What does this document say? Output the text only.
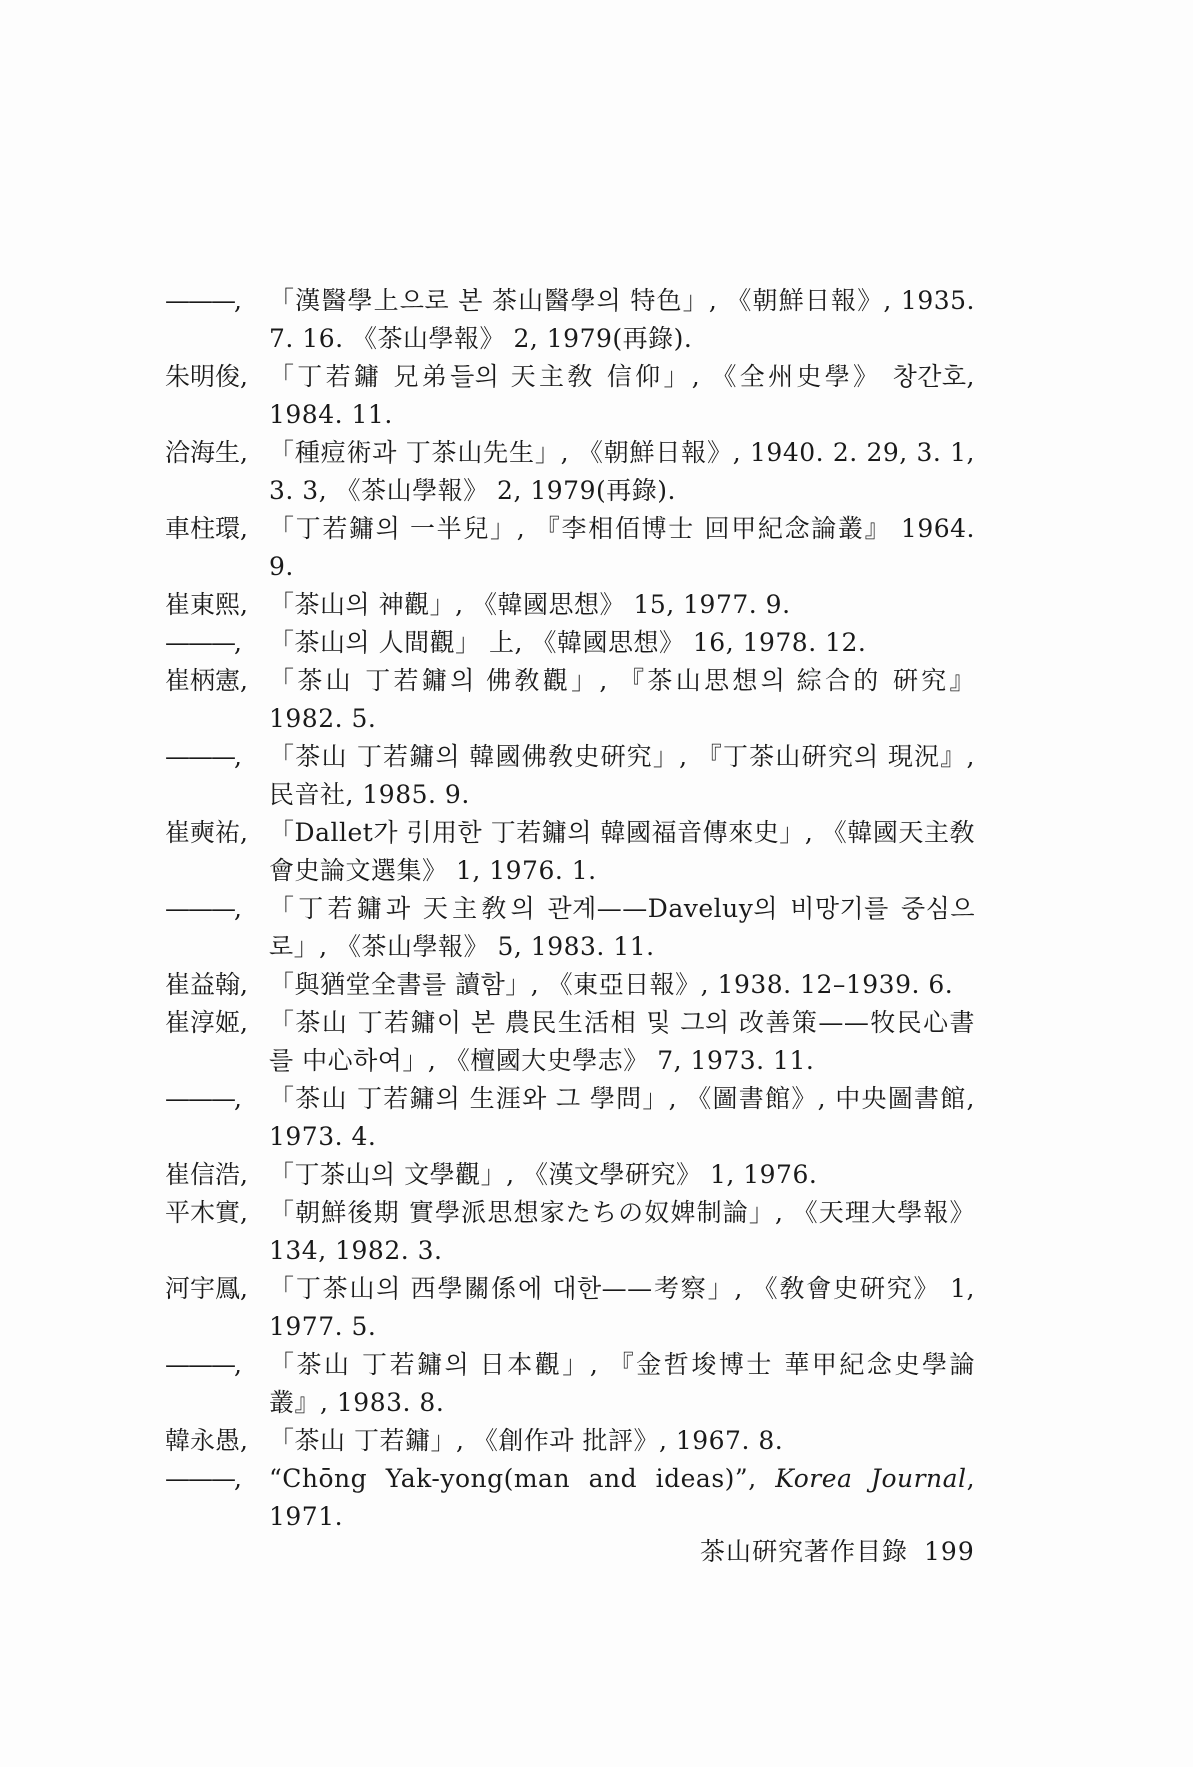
———,	「漢醫學上으로 본 茶山醫學의 特色」, 《朝鮮日報》, 1935. 7. 16. 《茶山學報》 2, 1979(再錄).
朱明俊, 「丁若鏞 兄弟들의 天主敎 信仰」, 《全州史學》 창간호, 1984. 11.
洽海生, 「種痘術과 丁茶山先生」, 《朝鮮日報》, 1940. 2. 29, 3. 1, 3. 3, 《茶山學報》 2, 1979(再錄).
車柱環, 「丁若鏞의 一半兒」, 『李相佰博士 回甲紀念論叢』 1964. 9.
崔東熙, 「茶山의 神觀」, 《韓國思想》 15, 1977. 9.
———,	「茶山의 人間觀」 上, 《韓國思想》 16, 1978. 12.
崔柄憲, 「茶山 丁若鏞의 佛敎觀」, 『茶山思想의 綜合的 硏究』 1982. 5.
———,	「茶山 丁若鏞의 韓國佛敎史硏究」, 『丁茶山硏究의 現況』, 民音社, 1985. 9.
崔奭祐, 「Dallet가 引用한 丁若鏞의 韓國福音傳來史」, 《韓國天主敎會史論文選集》 1, 1976. 1.
———,	「丁若鏞과 天主敎의 관계——Daveluy의 비망기를 중심으로」, 《茶山學報》 5, 1983. 11.
崔益翰, 「與猶堂全書를 讀함」, 《東亞日報》, 1938. 12–1939. 6.
崔淳姬, 「茶山 丁若鏞이 본 農民生活相 및 그의 改善策——牧民心書를 中心하여」, 《檀國大史學志》 7, 1973. 11.
———,	「茶山 丁若鏞의 生涯와 그 學問」, 《圖書館》, 中央圖書館, 1973. 4.
崔信浩, 「丁茶山의 文學觀」, 《漢文學硏究》 1, 1976.
平木實, 「朝鮮後期 實學派思想家たちの奴婢制論」, 《天理大學報》 134, 1982. 3.
河宇鳳, 「丁茶山의 西學關係에 대한——考察」, 《敎會史硏究》 1, 1977. 5.
———,	「茶山 丁若鏞의 日本觀」, 『金哲埈博士 華甲紀念史學論叢』, 1983. 8.
韓永愚, 「茶山 丁若鏞」, 《創作과 批評》, 1967. 8.
———,	“Chōng Yak-yong(man and ideas)”, Korea Journal, 1971.
茶山硏究著作目錄 199
